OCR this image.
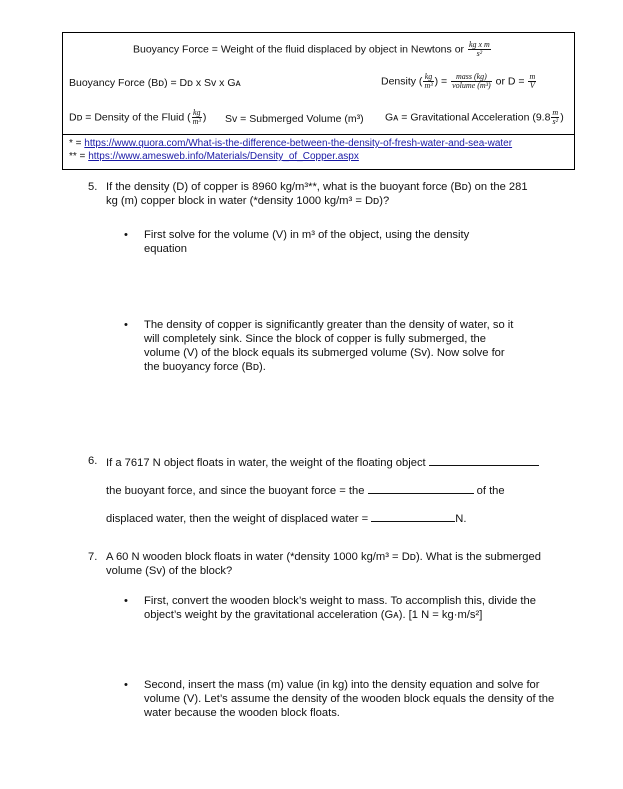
Buoyancy Force = Weight of the fluid displaced by object in Newtons or $\frac{\text{kg x m}}{\text{s²}}$
Buoyancy Force (Bᴅ) = Dᴅ x Sᴠ x Gᴀ	Density ( $\frac{kg}{\text{m³}}$ ) = $\frac{\text{mass (kg)}}{\text{volume (m³)}}$ or $D = \frac{m}{V}$
Dᴅ = Density of the Fluid ( $\frac{kg}{\text{m³}}$ ) Sᴠ = Submerged Volume (m³) Gᴀ = Gravitational Acceleration ($9.8 \frac{m}{\text{s²}}$ )
* = https://www.quora.com/What-is-the-difference-between-the-density-of-fresh-water-and-sea-water
** = https://www.amesweb.info/Materials/Density_of_Copper.aspx
5. If the density (D) of copper is 8960 kg/m³**, what is the buoyant force (Bᴅ) on the 281 kg (m) copper block in water (*density 1000 kg/m³ = Dᴅ)?
• First solve for the volume (V) in m³ of the object, using the density equation
• The density of copper is significantly greater than the density of water, so it will completely sink. Since the block of copper is fully submerged, the volume (V) of the block equals its submerged volume (Sᴠ). Now solve for the buoyancy force (Bᴅ).
6. If a 7617 N object floats in water, the weight of the floating object
the buoyant force, and since the buoyant force = the	of the
displaced water, then the weight of displaced water =	N.
7. A 60 N wooden block floats in water (*density 1000 kg/m³ = Dᴅ). What is the submerged volume (Sᴠ) of the block?
• First, convert the wooden block’s weight to mass. To accomplish this, divide the object’s weight by the gravitational acceleration (Gᴀ). [1 N = kg·m/s²]
• Second, insert the mass (m) value (in kg) into the density equation and solve for volume (V). Let’s assume the density of the wooden block equals the density of the water because the wooden block floats.
